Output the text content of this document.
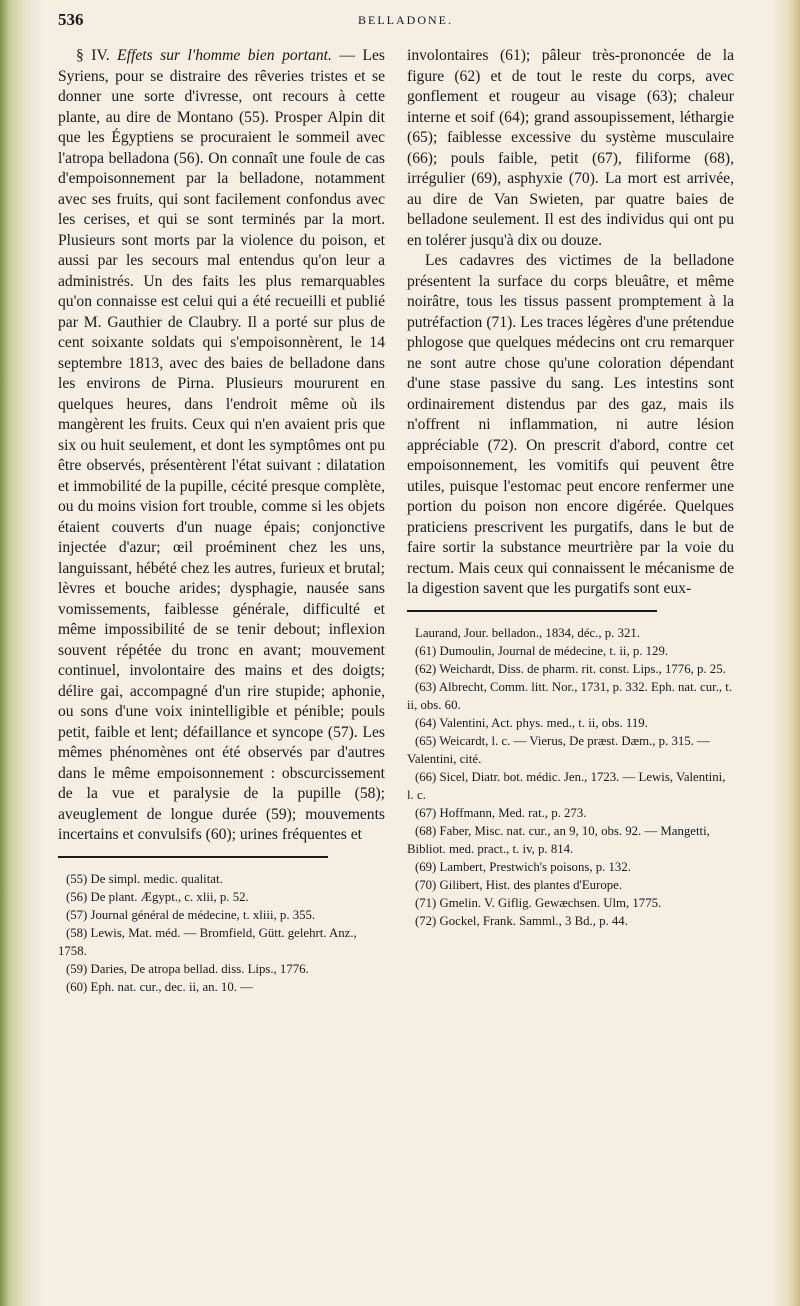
536	BELLADONE.

§ IV. Effets sur l'homme bien portant. — Les Syriens, pour se distraire des rêveries tristes et se donner une sorte d'ivresse, ont recours à cette plante, au dire de Montano (55). Prosper Alpin dit que les Égyptiens se procuraient le sommeil avec l'atropa belladona (56). On connaît une foule de cas d'empoisonnement par la belladone, notamment avec ses fruits, qui sont facilement confondus avec les cerises, et qui se sont terminés par la mort. Plusieurs sont morts par la violence du poison, et aussi par les secours mal entendus qu'on leur a administrés. Un des faits les plus remarquables qu'on connaisse est celui qui a été recueilli et publié par M. Gauthier de Claubry. Il a porté sur plus de cent soixante soldats qui s'empoisonnèrent, le 14 septembre 1813, avec des baies de belladone dans les environs de Pirna. Plusieurs moururent en quelques heures, dans l'endroit même où ils mangèrent les fruits. Ceux qui n'en avaient pris que six ou huit seulement, et dont les symptômes ont pu être observés, présentèrent l'état suivant : dilatation et immobilité de la pupille, cécité presque complète, ou du moins vision fort trouble, comme si les objets étaient couverts d'un nuage épais; conjonctive injectée d'azur; œil proéminent chez les uns, languissant, hébété chez les autres, furieux et brutal; lèvres et bouche arides; dysphagie, nausée sans vomissements, faiblesse générale, difficulté et même impossibilité de se tenir debout; inflexion souvent répétée du tronc en avant; mouvement continuel, involontaire des mains et des doigts; délire gai, accompagné d'un rire stupide; aphonie, ou sons d'une voix inintelligible et pénible; pouls petit, faible et lent; défaillance et syncope (57). Les mêmes phénomènes ont été observés par d'autres dans le même empoisonnement : obscurcissement de la vue et paralysie de la pupille (58); aveuglement de longue durée (59); mouvements incertains et convulsifs (60); urines fréquentes et

(55) De simpl. medic. qualitat.

(56) De plant. Ægypt., c. xlii, p. 52.

(57) Journal général de médecine, t. xliii, p. 355.

(58) Lewis, Mat. méd. — Bromfield, Gütt. gelehrt. Anz., 1758.

(59) Daries, De atropa bellad. diss. Lips., 1776.

(60) Eph. nat. cur., dec. ii, an. 10. —

involontaires (61); pâleur très-prononcée de la figure (62) et de tout le reste du corps, avec gonflement et rougeur au visage (63); chaleur interne et soif (64); grand assoupissement, léthargie (65); faiblesse excessive du système musculaire (66); pouls faible, petit (67), filiforme (68), irrégulier (69), asphyxie (70). La mort est arrivée, au dire de Van Swieten, par quatre baies de belladone seulement. Il est des individus qui ont pu en tolérer jusqu'à dix ou douze.

Les cadavres des victimes de la belladone présentent la surface du corps bleuâtre, et même noirâtre, tous les tissus passent promptement à la putréfaction (71). Les traces légères d'une prétendue phlogose que quelques médecins ont cru remarquer ne sont autre chose qu'une coloration dépendant d'une stase passive du sang. Les intestins sont ordinairement distendus par des gaz, mais ils n'offrent ni inflammation, ni autre lésion appréciable (72). On prescrit d'abord, contre cet empoisonnement, les vomitifs qui peuvent être utiles, puisque l'estomac peut encore renfermer une portion du poison non encore digérée. Quelques praticiens prescrivent les purgatifs, dans le but de faire sortir la substance meurtrière par la voie du rectum. Mais ceux qui connaissent le mécanisme de la digestion savent que les purgatifs sont eux-

Laurand, Jour. belladon., 1834, déc., p. 321.

(61) Dumoulin, Journal de médecine, t. ii, p. 129.

(62) Weichardt, Diss. de pharm. rit. const. Lips., 1776, p. 25.

(63) Albrecht, Comm. litt. Nor., 1731, p. 332. Eph. nat. cur., t. ii, obs. 60.

(64) Valentini, Act. phys. med., t. ii, obs. 119.

(65) Weicardt, l. c. — Vierus, De præst. Dæm., p. 315. — Valentini, cité.

(66) Sicel, Diatr. bot. médic. Jen., 1723. — Lewis, Valentini, l. c.

(67) Hoffmann, Med. rat., p. 273.

(68) Faber, Misc. nat. cur., an 9, 10, obs. 92. — Mangetti, Bibliot. med. pract., t. iv, p. 814.

(69) Lambert, Prestwich's poisons, p. 132.

(70) Gilibert, Hist. des plantes d'Europe.

(71) Gmelin. V. Giflig. Gewæchsen. Ulm, 1775.

(72) Gockel, Frank. Samml., 3 Bd., p. 44.
